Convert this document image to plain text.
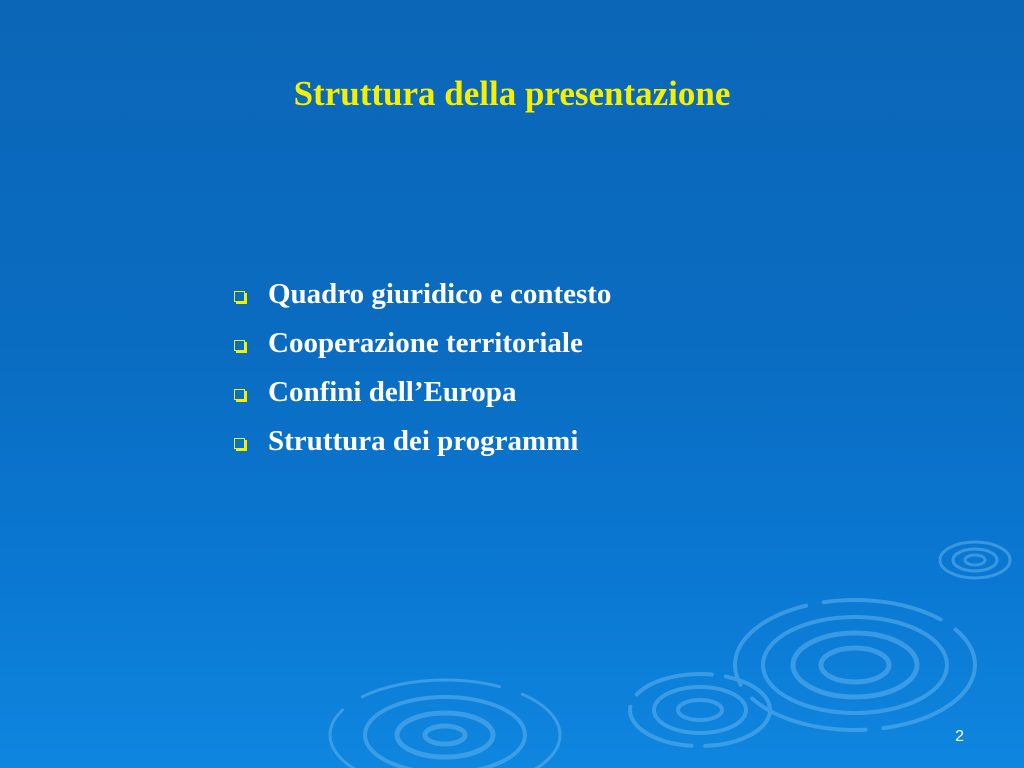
Struttura della presentazione
Quadro giuridico e contesto
Cooperazione territoriale
Confini dell’Europa
Struttura dei programmi
2
